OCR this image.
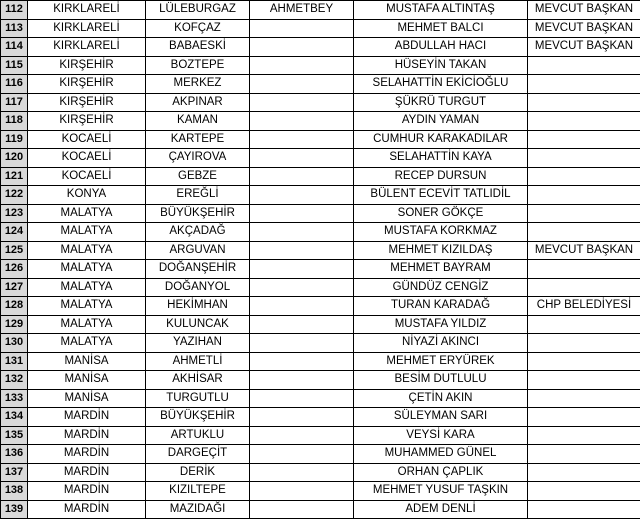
112	KIRKLARELİ	LÜLEBURGAZ	AHMETBEY	MUSTAFA ALTINTAŞ	MEVCUT BAŞKAN
113	KIRKLARELİ	KOFÇAZ		MEHMET BALCI	MEVCUT BAŞKAN
114	KIRKLARELİ	BABAESKİ		ABDULLAH HACI	MEVCUT BAŞKAN
115	KIRŞEHİR	BOZTEPE		HÜSEYİN TAKAN	
116	KIRŞEHİR	MERKEZ		SELAHATTİN EKİCİOĞLU	
117	KIRŞEHİR	AKPINAR		ŞÜKRÜ TURGUT	
118	KIRŞEHİR	KAMAN		AYDIN YAMAN	
119	KOCAELİ	KARTEPE		CUMHUR KARAKADILAR	
120	KOCAELİ	ÇAYIROVA		SELAHATTİN KAYA	
121	KOCAELİ	GEBZE		RECEP DURSUN	
122	KONYA	EREĞLİ		BÜLENT ECEVİT TATLIDİL	
123	MALATYA	BÜYÜKŞEHİR		SONER GÖKÇE	
124	MALATYA	AKÇADAĞ		MUSTAFA KORKMAZ	
125	MALATYA	ARGUVAN		MEHMET KIZILDAŞ	MEVCUT BAŞKAN
126	MALATYA	DOĞANŞEHİR		MEHMET BAYRAM	
127	MALATYA	DOĞANYOL		GÜNDÜZ CENGİZ	
128	MALATYA	HEKİMHAN		TURAN KARADAĞ	CHP BELEDİYESİ
129	MALATYA	KULUNCAK		MUSTAFA YILDIZ	
130	MALATYA	YAZIHAN		NİYAZİ AKINCI	
131	MANİSA	AHMETLİ		MEHMET ERYÜREK	
132	MANİSA	AKHİSAR		BESİM DUTLULU	
133	MANİSA	TURGUTLU		ÇETİN AKIN	
134	MARDİN	BÜYÜKŞEHİR		SÜLEYMAN SARI	
135	MARDİN	ARTUKLU		VEYSİ KARA	
136	MARDİN	DARGEÇİT		MUHAMMED GÜNEL	
137	MARDİN	DERİK		ORHAN ÇAPLIK	
138	MARDİN	KIZILTEPE		MEHMET YUSUF TAŞKIN	
139	MARDİN	MAZIDAĞI		ADEM DENLİ	
